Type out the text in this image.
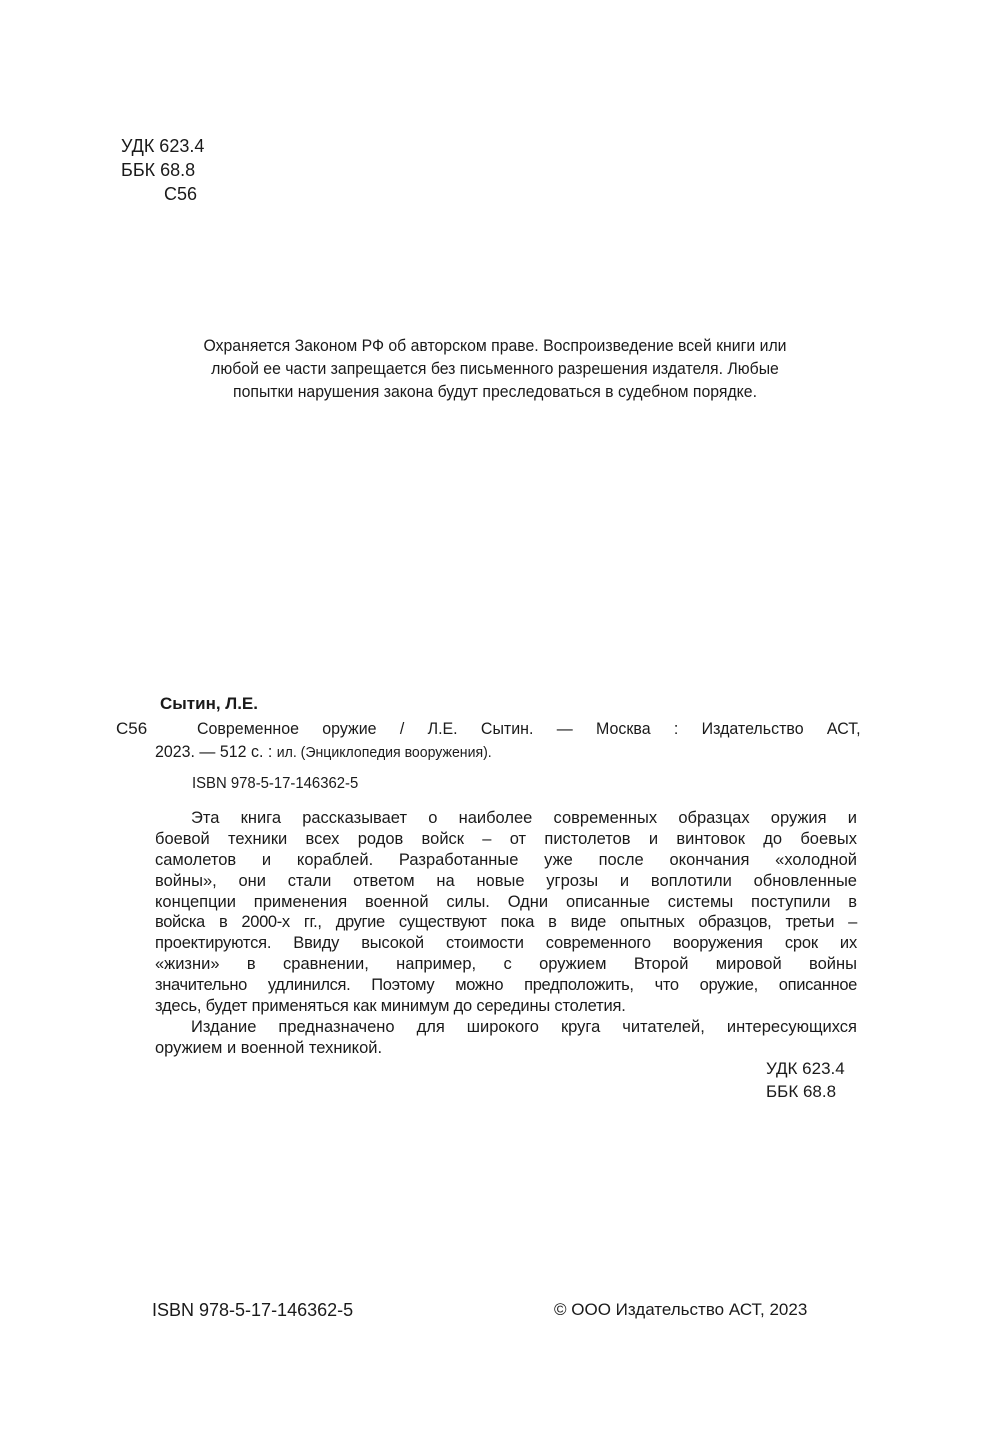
УДК 623.4
ББК 68.8
С56
Охраняется Законом РФ об авторском праве. Воспроизведение всей книги или
любой ее части запрещается без письменного разрешения издателя. Любые
попытки нарушения закона будут преследоваться в судебном порядке.
Сытин, Л.Е.
С56	Современное оружие / Л.Е. Сытин. — Москва : Издательство АСТ,
2023. — 512 с. : ил. (Энциклопедия вооружения).
ISBN 978-5-17-146362-5
Эта книга рассказывает о наиболее современных образцах оружия и
боевой техники всех родов войск – от пистолетов и винтовок до боевых
самолетов и кораблей. Разработанные уже после окончания «холодной
войны», они стали ответом на новые угрозы и воплотили обновленные
концепции применения военной силы. Одни описанные системы поступили в
войска в 2000-х гг., другие существуют пока в виде опытных образцов, третьи –
проектируются. Ввиду высокой стоимости современного вооружения срок их
«жизни» в сравнении, например, с оружием Второй мировой войны
значительно удлинился. Поэтому можно предположить, что оружие, описанное
здесь, будет применяться как минимум до середины столетия.
Издание предназначено для широкого круга читателей, интересующихся
оружием и военной техникой.
УДК 623.4
ББК 68.8
ISBN 978-5-17-146362-5	© ООО Издательство АСТ, 2023
